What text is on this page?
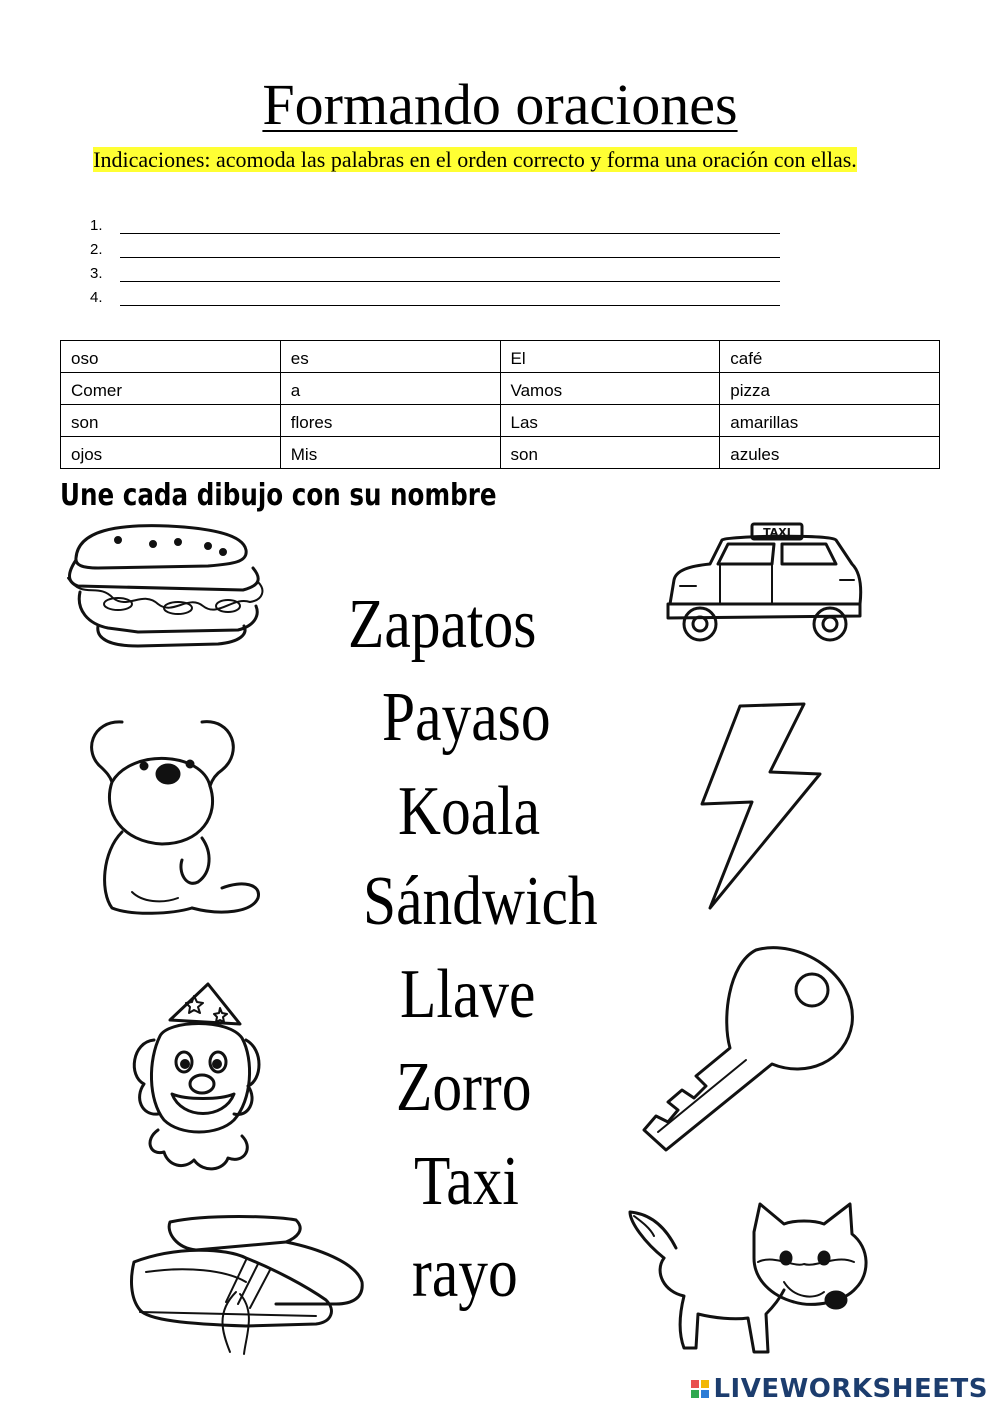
Formando oraciones
Indicaciones: acomoda las palabras en el orden correcto y forma una oración con ellas.
1.
2.
3.
4.
oso	es	El	café
Comer	a	Vamos	pizza
son	flores	Las	amarillas
ojos	Mis	son	azules
Une cada dibujo con su nombre
Zapatos
Payaso
Koala
Sándwich
Llave
Zorro
Taxi
rayo
TAXI
LIVEWORKSHEETS
